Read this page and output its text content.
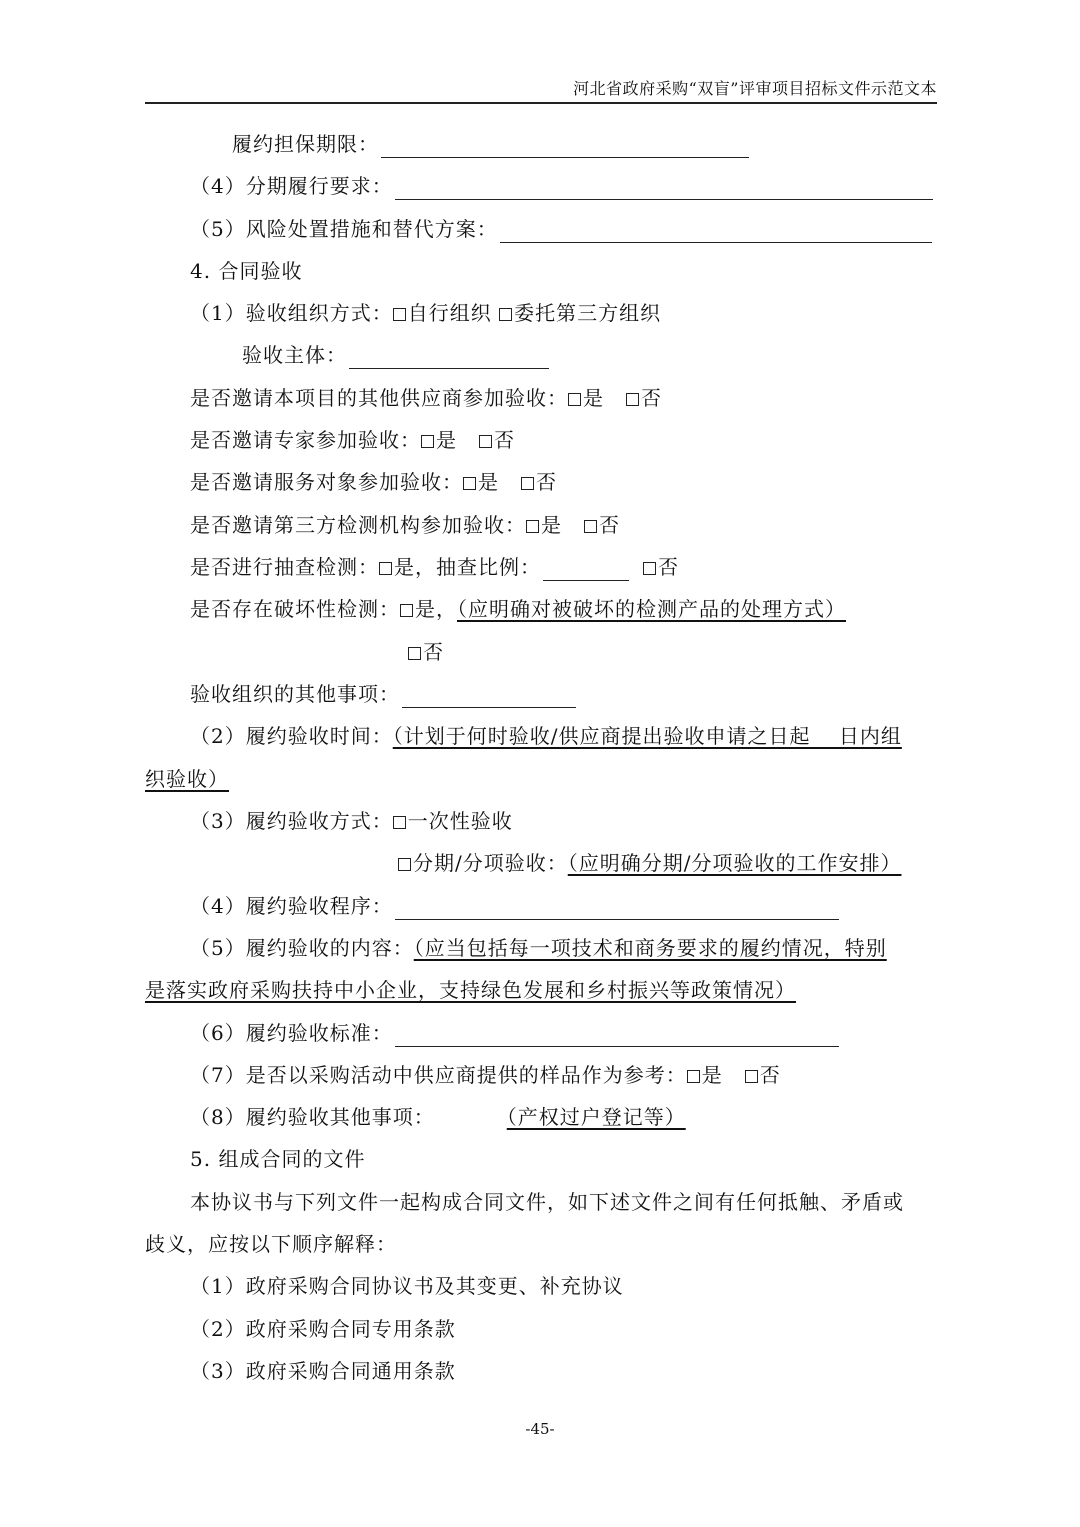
河北省政府采购“双盲”评审项目招标文件示范文本
履约担保期限：
（4）分期履行要求：
（5）风险处置措施和替代方案：
4. 合同验收
（1）验收组织方式： 自行组织 委托第三方组织
验收主体：
是否邀请本项目的其他供应商参加验收： 是 否
是否邀请专家参加验收： 是 否
是否邀请服务对象参加验收： 是 否
是否邀请第三方检测机构参加验收： 是 否
是否进行抽查检测： 是，抽查比例：	否
是否存在破坏性检测： 是，（应明确对被破坏的检测产品的处理方式）
否
验收组织的其他事项：
（2）履约验收时间：（计划于何时验收/供应商提出验收申请之日起　 日内组
织验收）
（3）履约验收方式： 一次性验收
分期/分项验收：（应明确分期/分项验收的工作安排）
（4）履约验收程序：
（5）履约验收的内容：（应当包括每一项技术和商务要求的履约情况，特别
是落实政府采购扶持中小企业，支持绿色发展和乡村振兴等政策情况）
（6）履约验收标准：
（7）是否以采购活动中供应商提供的样品作为参考： 是 否
（8）履约验收其他事项：	（产权过户登记等）
5. 组成合同的文件
本协议书与下列文件一起构成合同文件，如下述文件之间有任何抵触、矛盾或
歧义，应按以下顺序解释：
（1）政府采购合同协议书及其变更、补充协议
（2）政府采购合同专用条款
（3）政府采购合同通用条款
-45-
